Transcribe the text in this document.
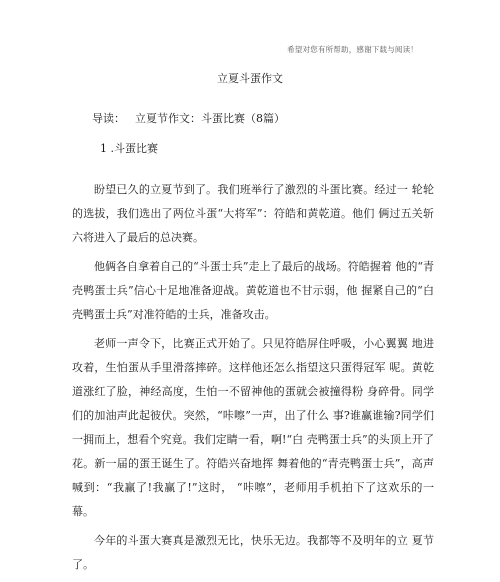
希望对您有所帮助，感谢下载与阅读！
立夏斗蛋作文
导读： 立夏节作文：斗蛋比赛（8篇）
1 .斗蛋比赛

盼望已久的立夏节到了。我们班举行了激烈的斗蛋比赛。经过一 轮轮的选拔，我们选出了两位斗蛋“大将军”：符皓和黄乾道。他们 俩过五关斩六将进入了最后的总决赛。

他俩各自拿着自己的“斗蛋士兵”走上了最后的战场。符皓握着 他的“青壳鸭蛋士兵”信心十足地准备迎战。黄乾道也不甘示弱，他 握紧自己的“白壳鸭蛋士兵”对准符皓的士兵，准备攻击。

老师一声令下，比赛正式开始了。只见符皓屏住呼吸，小心翼翼 地进攻着，生怕蛋从手里滑落摔碎。这样他还怎么指望这只蛋得冠军 呢。黄乾道涨红了脸，神经高度，生怕一不留神他的蛋就会被撞得粉 身碎骨。同学们的加油声此起彼伏。突然，“咔嚓”一声，出了什么 事?谁赢谁输?同学们一拥而上，想看个究竟。我们定睛一看，啊!“白 壳鸭蛋士兵”的头顶上开了花。新一届的蛋王诞生了。符皓兴奋地挥 舞着他的“青壳鸭蛋士兵”，高声喊到：“我赢了!我赢了!”这时， “咔嚓”，老师用手机拍下了这欢乐的一幕。

今年的斗蛋大赛真是激烈无比，快乐无边。我都等不及明年的立 夏节了。
